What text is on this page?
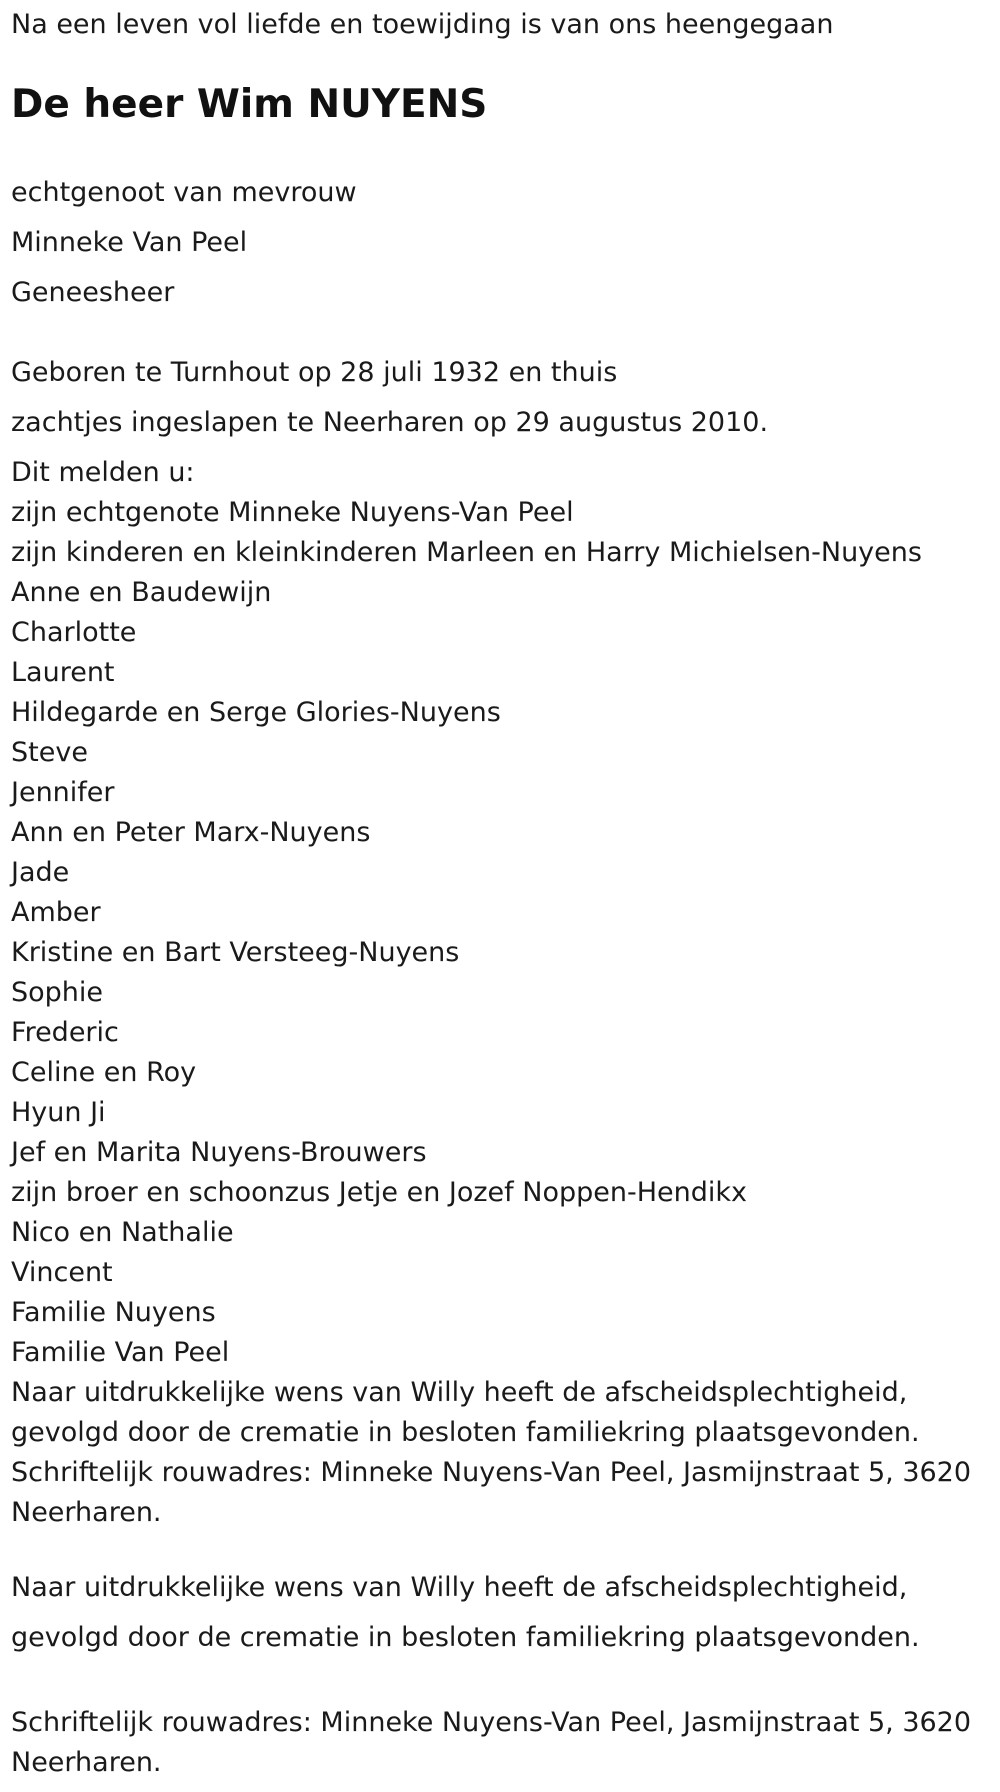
Na een leven vol liefde en toewijding is van ons heengegaan
De heer Wim NUYENS
echtgenoot van mevrouw
Minneke Van Peel
Geneesheer
Geboren te Turnhout op 28 juli 1932 en thuis
zachtjes ingeslapen te Neerharen op 29 augustus 2010.
Dit melden u:
zijn echtgenote Minneke Nuyens-Van Peel
zijn kinderen en kleinkinderen Marleen en Harry Michielsen-Nuyens
Anne en Baudewijn
Charlotte
Laurent
Hildegarde en Serge Glories-Nuyens
Steve
Jennifer
Ann en Peter Marx-Nuyens
Jade
Amber
Kristine en Bart Versteeg-Nuyens
Sophie
Frederic
Celine en Roy
Hyun Ji
Jef en Marita Nuyens-Brouwers
zijn broer en schoonzus Jetje en Jozef Noppen-Hendikx
Nico en Nathalie
Vincent
Familie Nuyens
Familie Van Peel
Naar uitdrukkelijke wens van Willy heeft de afscheidsplechtigheid,
gevolgd door de crematie in besloten familiekring plaatsgevonden.
Schriftelijk rouwadres: Minneke Nuyens-Van Peel, Jasmijnstraat 5, 3620
Neerharen.
Naar uitdrukkelijke wens van Willy heeft de afscheidsplechtigheid,
gevolgd door de crematie in besloten familiekring plaatsgevonden.
Schriftelijk rouwadres: Minneke Nuyens-Van Peel, Jasmijnstraat 5, 3620
Neerharen.
